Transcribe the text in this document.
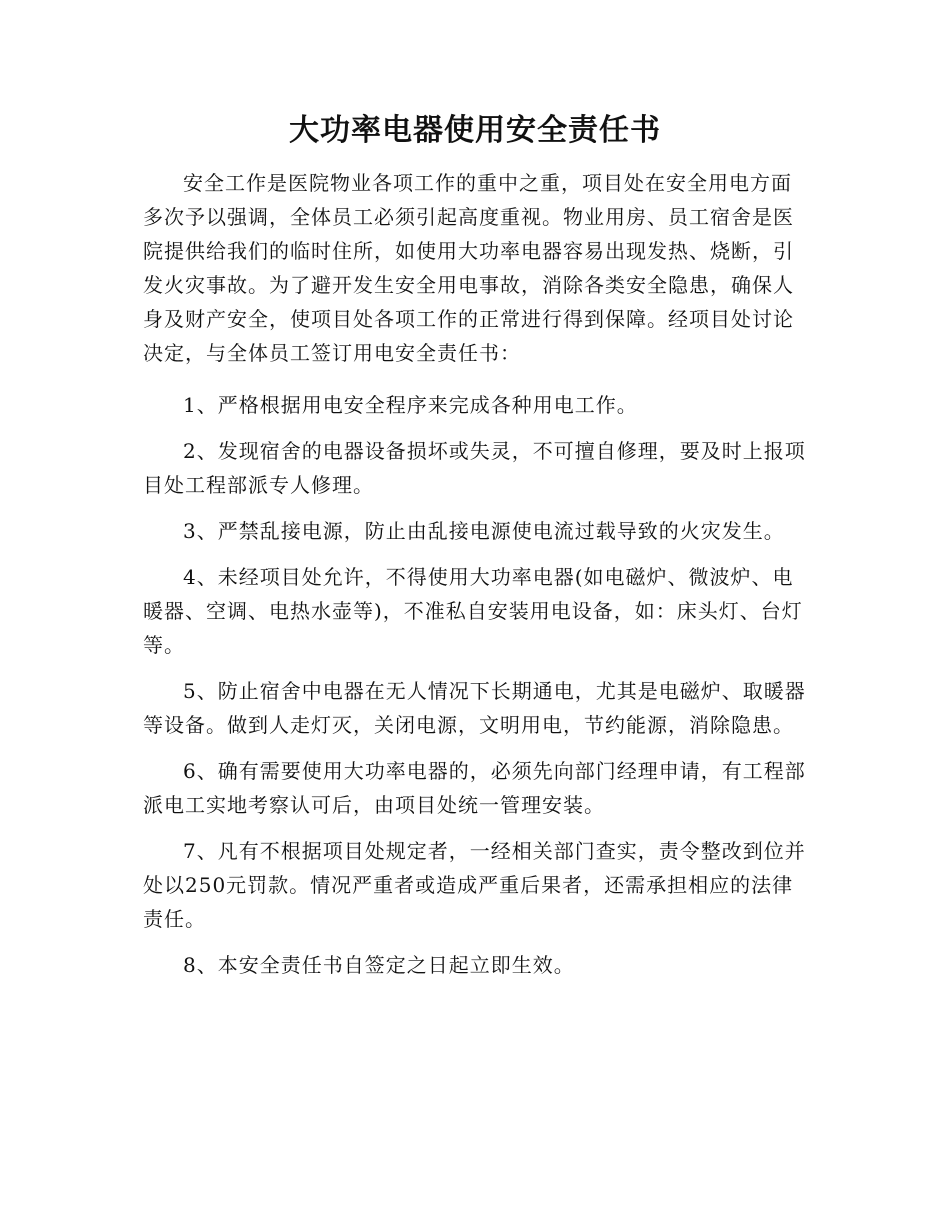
大功率电器使用安全责任书

安全工作是医院物业各项工作的重中之重，项目处在安全用电方面多次予以强调，全体员工必须引起高度重视。物业用房、员工宿舍是医院提供给我们的临时住所，如使用大功率电器容易出现发热、烧断，引发火灾事故。为了避开发生安全用电事故，消除各类安全隐患，确保人身及财产安全，使项目处各项工作的正常进行得到保障。经项目处讨论决定，与全体员工签订用电安全责任书：

1、严格根据用电安全程序来完成各种用电工作。

2、发现宿舍的电器设备损坏或失灵，不可擅自修理，要及时上报项目处工程部派专人修理。

3、严禁乱接电源，防止由乱接电源使电流过载导致的火灾发生。

4、未经项目处允许，不得使用大功率电器(如电磁炉、微波炉、电暖器、空调、电热水壶等)，不准私自安装用电设备，如：床头灯、台灯等。

5、防止宿舍中电器在无人情况下长期通电，尤其是电磁炉、取暖器等设备。做到人走灯灭，关闭电源，文明用电，节约能源，消除隐患。

6、确有需要使用大功率电器的，必须先向部门经理申请，有工程部派电工实地考察认可后，由项目处统一管理安装。

7、凡有不根据项目处规定者，一经相关部门查实，责令整改到位并处以250元罚款。情况严重者或造成严重后果者，还需承担相应的法律责任。

8、本安全责任书自签定之日起立即生效。
